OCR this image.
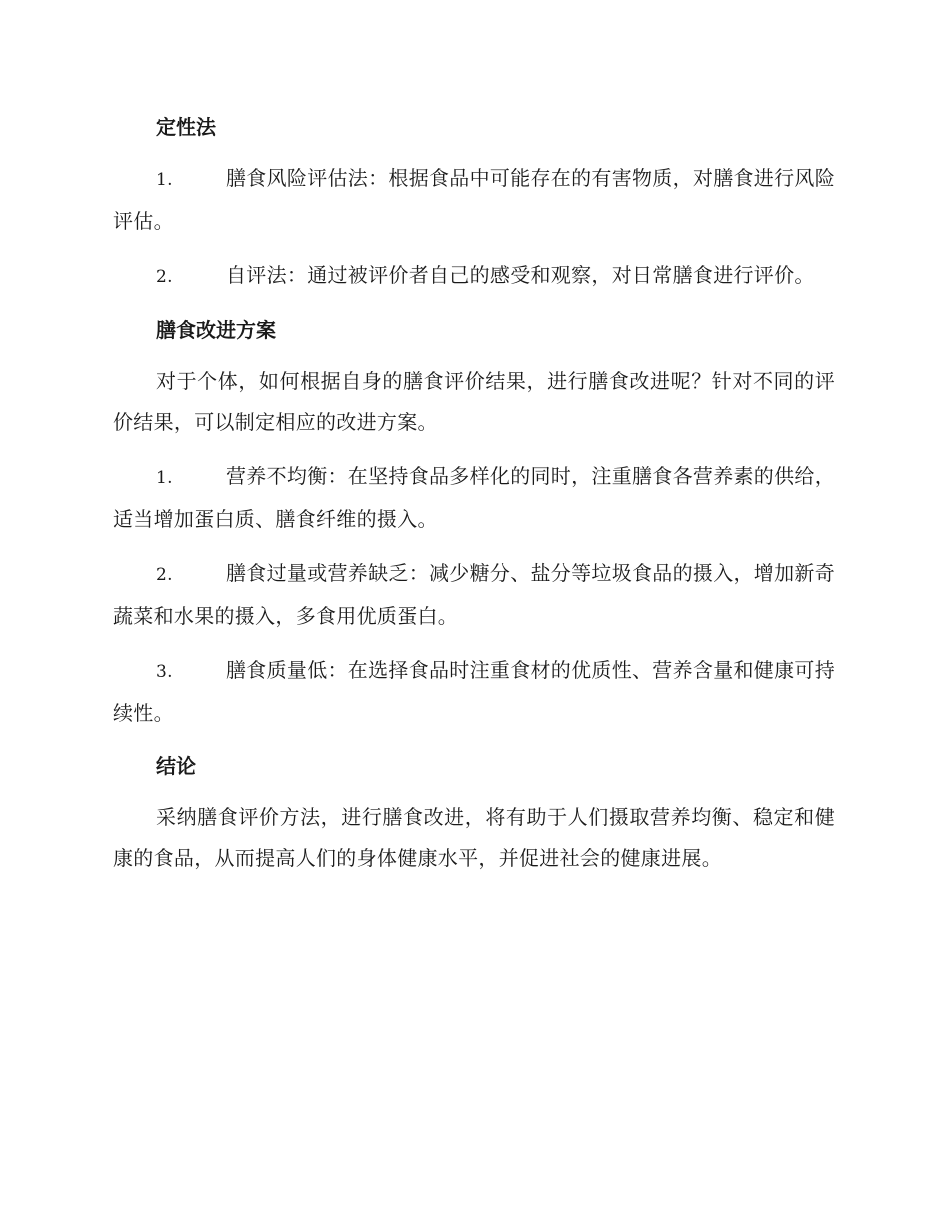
定性法
1.	膳食风险评估法：根据食品中可能存在的有害物质，对膳食进行风险评估。
2.	自评法：通过被评价者自己的感受和观察，对日常膳食进行评价。
膳食改进方案
对于个体，如何根据自身的膳食评价结果，进行膳食改进呢？针对不同的评价结果，可以制定相应的改进方案。
1.	营养不均衡：在坚持食品多样化的同时，注重膳食各营养素的供给，适当增加蛋白质、膳食纤维的摄入。
2.	膳食过量或营养缺乏：减少糖分、盐分等垃圾食品的摄入，增加新奇蔬菜和水果的摄入，多食用优质蛋白。
3.	膳食质量低：在选择食品时注重食材的优质性、营养含量和健康可持续性。
结论
采纳膳食评价方法，进行膳食改进，将有助于人们摄取营养均衡、稳定和健康的食品，从而提高人们的身体健康水平，并促进社会的健康进展。
